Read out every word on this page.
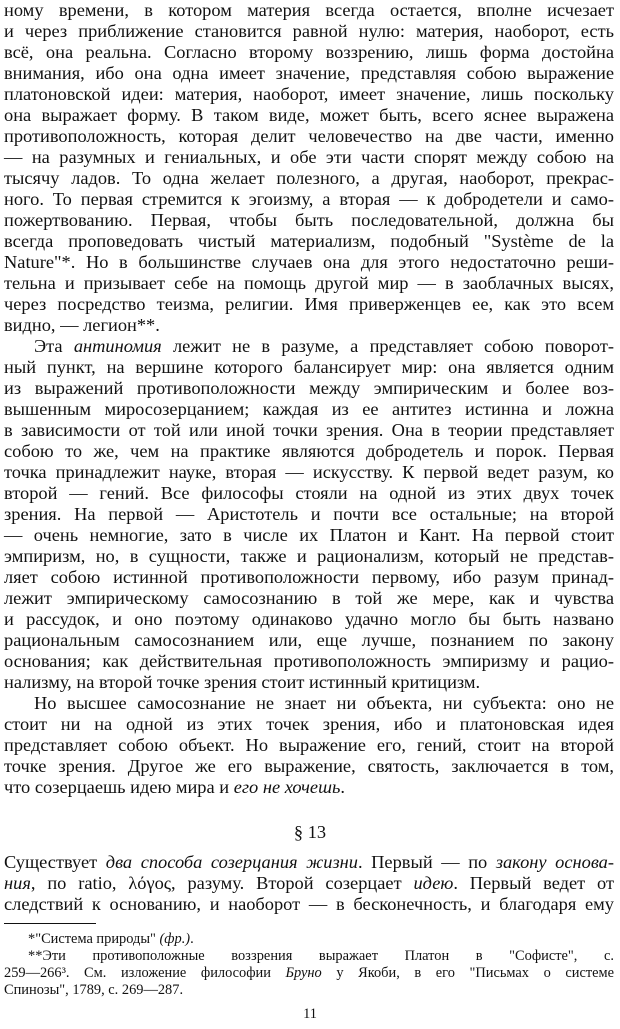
ному времени, в котором материя всегда остается, вполне исчезает
и через приближение становится равной нулю: материя, наоборот, есть
всё, она реальна. Согласно второму воззрению, лишь форма достойна
внимания, ибо она одна имеет значение, представляя собою выражение
платоновской идеи: материя, наоборот, имеет значение, лишь поскольку
она выражает форму. В таком виде, может быть, всего яснее выражена
противоположность, которая делит человечество на две части, именно
— на разумных и гениальных, и обе эти части спорят между собою на
тысячу ладов. То одна желает полезного, а другая, наоборот, прекрас-
ного. То первая стремится к эгоизму, а вторая — к добродетели и само-
пожертвованию. Первая, чтобы быть последовательной, должна бы
всегда проповедовать чистый материализм, подобный "Système de la
Nature"*. Но в большинстве случаев она для этого недостаточно реши-
тельна и призывает себе на помощь другой мир — в заоблачных высях,
через посредство теизма, религии. Имя приверженцев ее, как это всем
видно, — легион**.
Эта антиномия лежит не в разуме, а представляет собою поворот-
ный пункт, на вершине которого балансирует мир: она является одним
из выражений противоположности между эмпирическим и более воз-
вышенным миросозерцанием; каждая из ее антитез истинна и ложна
в зависимости от той или иной точки зрения. Она в теории представляет
собою то же, чем на практике являются добродетель и порок. Первая
точка принадлежит науке, вторая — искусству. К первой ведет разум, ко
второй — гений. Все философы стояли на одной из этих двух точек
зрения. На первой — Аристотель и почти все остальные; на второй
— очень немногие, зато в числе их Платон и Кант. На первой стоит
эмпиризм, но, в сущности, также и рационализм, который не представ-
ляет собою истинной противоположности первому, ибо разум принад-
лежит эмпирическому самосознанию в той же мере, как и чувства
и рассудок, и оно поэтому одинаково удачно могло бы быть названо
рациональным самосознанием или, еще лучше, познанием по закону
основания; как действительная противоположность эмпиризму и рацио-
нализму, на второй точке зрения стоит истинный критицизм.
Но высшее самосознание не знает ни объекта, ни субъекта: оно не
стоит ни на одной из этих точек зрения, ибо и платоновская идея
представляет собою объект. Но выражение его, гений, стоит на второй
точке зрения. Другое же его выражение, святость, заключается в том,
что созерцаешь идею мира и его не хочешь.
§ 13
Существует два способа созерцания жизни. Первый — по закону основа-
ния, по ratio, λόγος, разуму. Второй созерцает идею. Первый ведет от
следствий к основанию, и наоборот — в бесконечность, и благодаря ему
*"Система природы" (фр.).
**Эти противоположные воззрения выражает Платон в "Софисте", с.
259—266³. См. изложение философии Бруно у Якоби, в его "Письмах о системе
Спинозы", 1789, с. 269—287.
11
